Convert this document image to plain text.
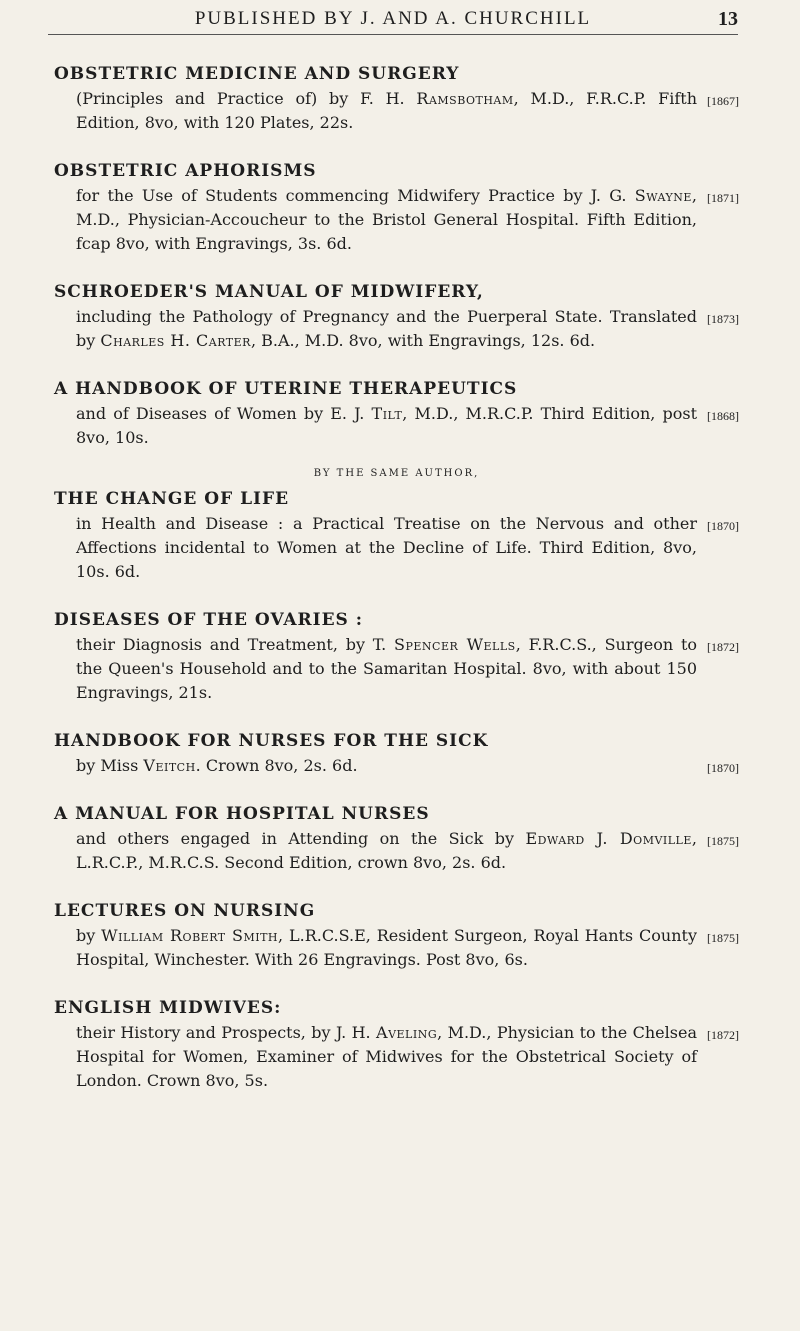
PUBLISHED BY J. AND A. CHURCHILL	13
OBSTETRIC MEDICINE AND SURGERY
[1867]
(Principles and Practice of) by F. H. Ramsbotham, M.D., F.R.C.P. Fifth Edition, 8vo, with 120 Plates, 22s.
OBSTETRIC APHORISMS
[1871]
for the Use of Students commencing Midwifery Practice by J. G. Swayne, M.D., Physician-Accoucheur to the Bristol General Hospital. Fifth Edition, fcap 8vo, with Engravings, 3s. 6d.
SCHROEDER'S MANUAL OF MIDWIFERY,
[1873]
including the Pathology of Pregnancy and the Puerperal State. Translated by Charles H. Carter, B.A., M.D. 8vo, with Engravings, 12s. 6d.
A HANDBOOK OF UTERINE THERAPEUTICS
[1868]
and of Diseases of Women by E. J. Tilt, M.D., M.R.C.P. Third Edition, post 8vo, 10s.
BY THE SAME AUTHOR,
THE CHANGE OF LIFE
[1870]
in Health and Disease : a Practical Treatise on the Nervous and other Affections incidental to Women at the Decline of Life. Third Edition, 8vo, 10s. 6d.
DISEASES OF THE OVARIES :
[1872]
their Diagnosis and Treatment, by T. Spencer Wells, F.R.C.S., Surgeon to the Queen's Household and to the Samaritan Hospital. 8vo, with about 150 Engravings, 21s.
HANDBOOK FOR NURSES FOR THE SICK
[1870]
by Miss Veitch. Crown 8vo, 2s. 6d.
A MANUAL FOR HOSPITAL NURSES
[1875]
and others engaged in Attending on the Sick by Edward J. Domville, L.R.C.P., M.R.C.S. Second Edition, crown 8vo, 2s. 6d.
LECTURES ON NURSING
[1875]
by William Robert Smith, L.R.C.S.E, Resident Surgeon, Royal Hants County Hospital, Winchester. With 26 Engravings. Post 8vo, 6s.
ENGLISH MIDWIVES:
[1872]
their History and Prospects, by J. H. Aveling, M.D., Physician to the Chelsea Hospital for Women, Examiner of Midwives for the Obstetrical Society of London. Crown 8vo, 5s.
